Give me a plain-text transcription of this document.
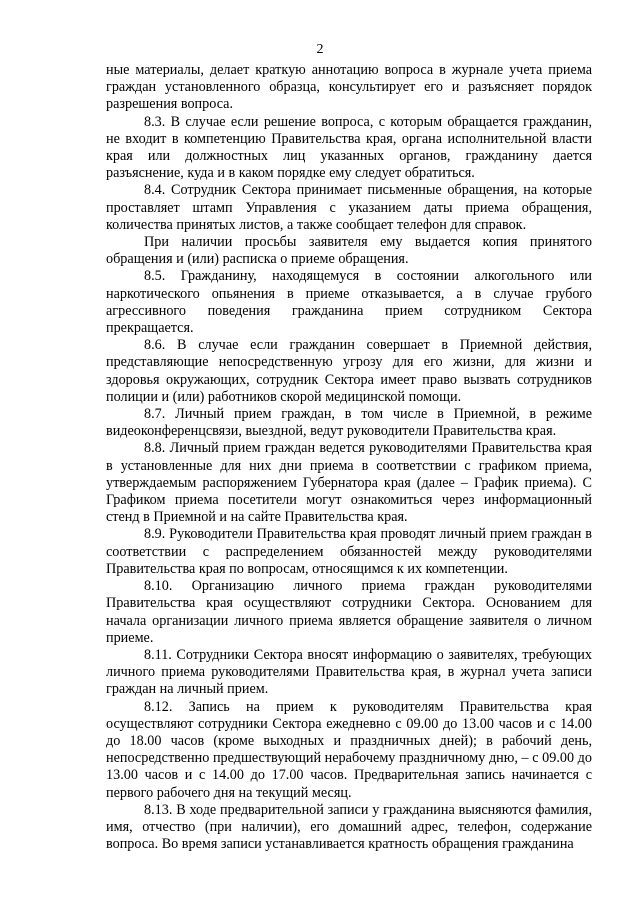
2

ные материалы, делает краткую аннотацию вопроса в журнале учета приема граждан установленного образца, консультирует его и разъясняет порядок разрешения вопроса.

8.3. В случае если решение вопроса, с которым обращается гражданин, не входит в компетенцию Правительства края, органа исполнительной власти края или должностных лиц указанных органов, гражданину дается разъяснение, куда и в каком порядке ему следует обратиться.

8.4. Сотрудник Сектора принимает письменные обращения, на которые проставляет штамп Управления с указанием даты приема обращения, количества принятых листов, а также сообщает телефон для справок.

При наличии просьбы заявителя ему выдается копия принятого обращения и (или) расписка о приеме обращения.

8.5. Гражданину, находящемуся в состоянии алкогольного или наркотического опьянения в приеме отказывается, а в случае грубого агрессивного поведения гражданина прием сотрудником Сектора прекращается.

8.6. В случае если гражданин совершает в Приемной действия, представляющие непосредственную угрозу для его жизни, для жизни и здоровья окружающих, сотрудник Сектора имеет право вызвать сотрудников полиции и (или) работников скорой медицинской помощи.

8.7. Личный прием граждан, в том числе в Приемной, в режиме видеоконференцсвязи, выездной, ведут руководители Правительства края.

8.8. Личный прием граждан ведется руководителями Правительства края в установленные для них дни приема в соответствии с графиком приема, утверждаемым распоряжением Губернатора края (далее – График приема). С Графиком приема посетители могут ознакомиться через информационный стенд в Приемной и на сайте Правительства края.

8.9. Руководители Правительства края проводят личный прием граждан в соответствии с распределением обязанностей между руководителями Правительства края по вопросам, относящимся к их компетенции.

8.10. Организацию личного приема граждан руководителями Правительства края осуществляют сотрудники Сектора. Основанием для начала организации личного приема является обращение заявителя о личном приеме.

8.11. Сотрудники Сектора вносят информацию о заявителях, требующих личного приема руководителями Правительства края, в журнал учета записи граждан на личный прием.

8.12. Запись на прием к руководителям Правительства края осуществляют сотрудники Сектора ежедневно с 09.00 до 13.00 часов и с 14.00 до 18.00 часов (кроме выходных и праздничных дней); в рабочий день, непосредственно предшествующий нерабочему праздничному дню, – с 09.00 до 13.00 часов и с 14.00 до 17.00 часов. Предварительная запись начинается с первого рабочего дня на текущий месяц.

8.13. В ходе предварительной записи у гражданина выясняются фамилия, имя, отчество (при наличии), его домашний адрес, телефон, содержание вопроса. Во время записи устанавливается кратность обращения гражданина
